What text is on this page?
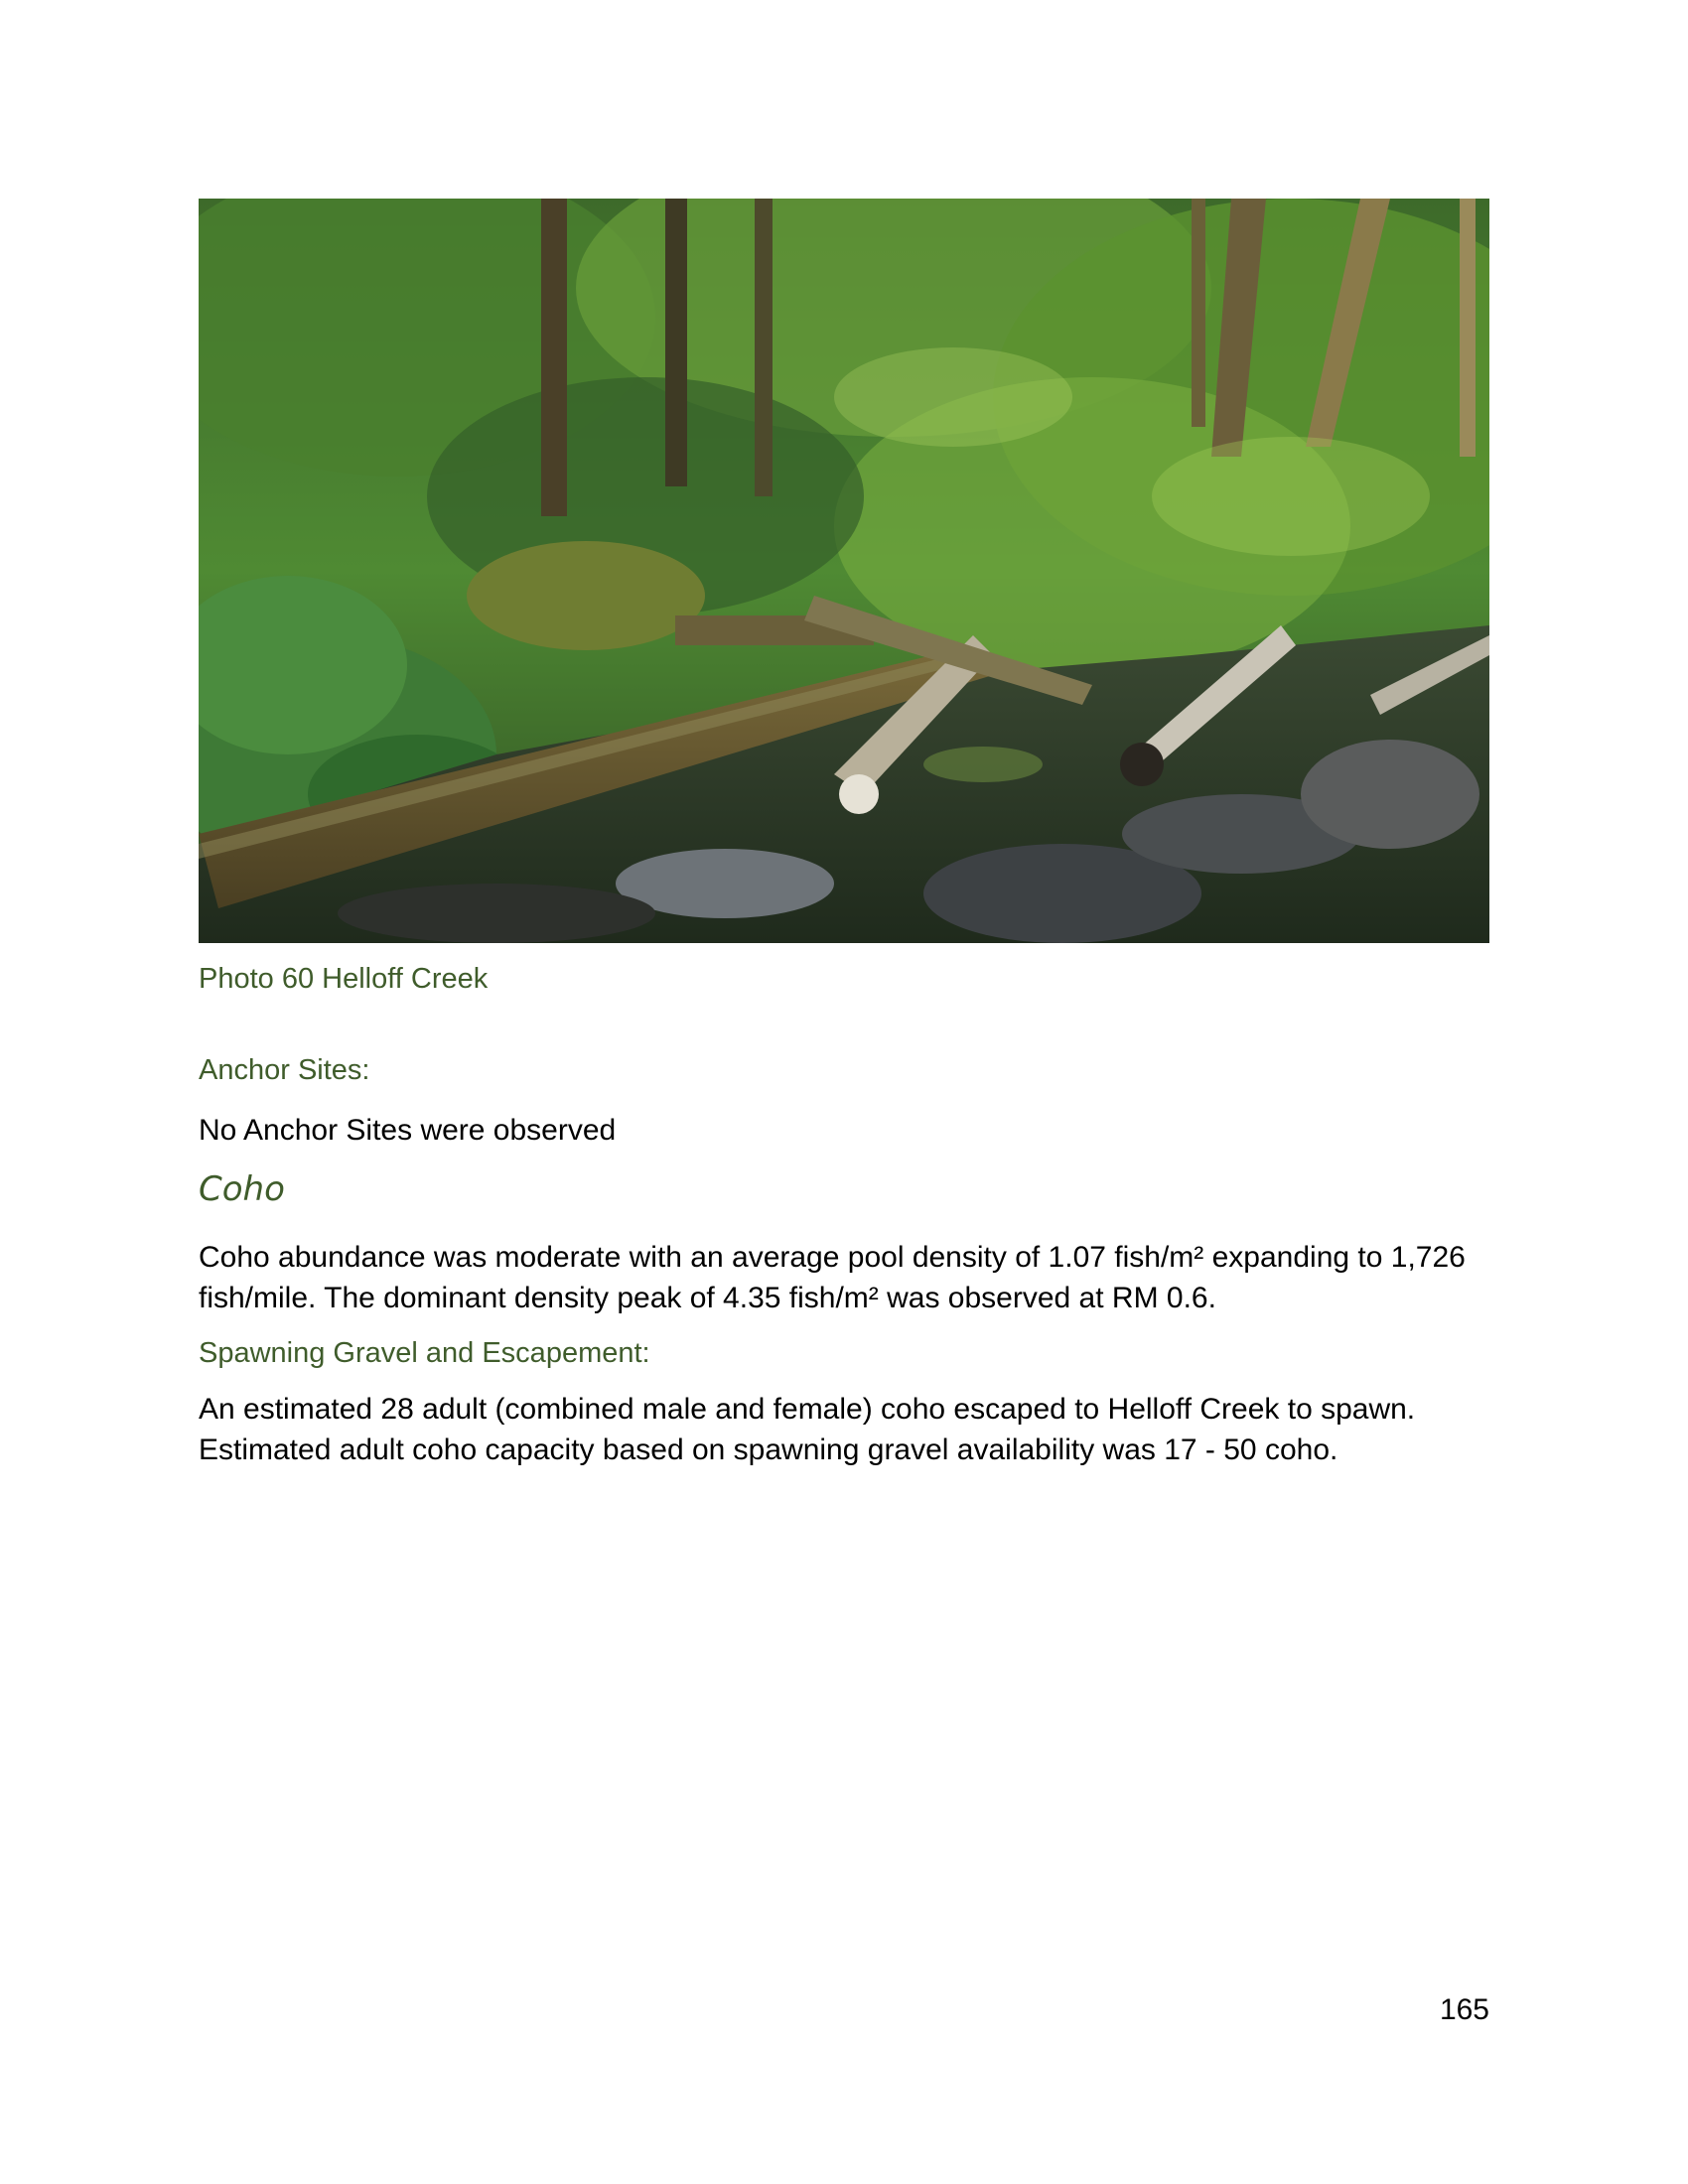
Photo 60 Helloff Creek
Anchor Sites:
No Anchor Sites were observed
Coho
Coho abundance was moderate with an average pool density of 1.07 fish/m² expanding to 1,726 fish/mile. The dominant density peak of 4.35 fish/m² was observed at RM 0.6.
Spawning Gravel and Escapement:
An estimated 28 adult (combined male and female) coho escaped to Helloff Creek to spawn. Estimated adult coho capacity based on spawning gravel availability was 17 - 50 coho.
165
